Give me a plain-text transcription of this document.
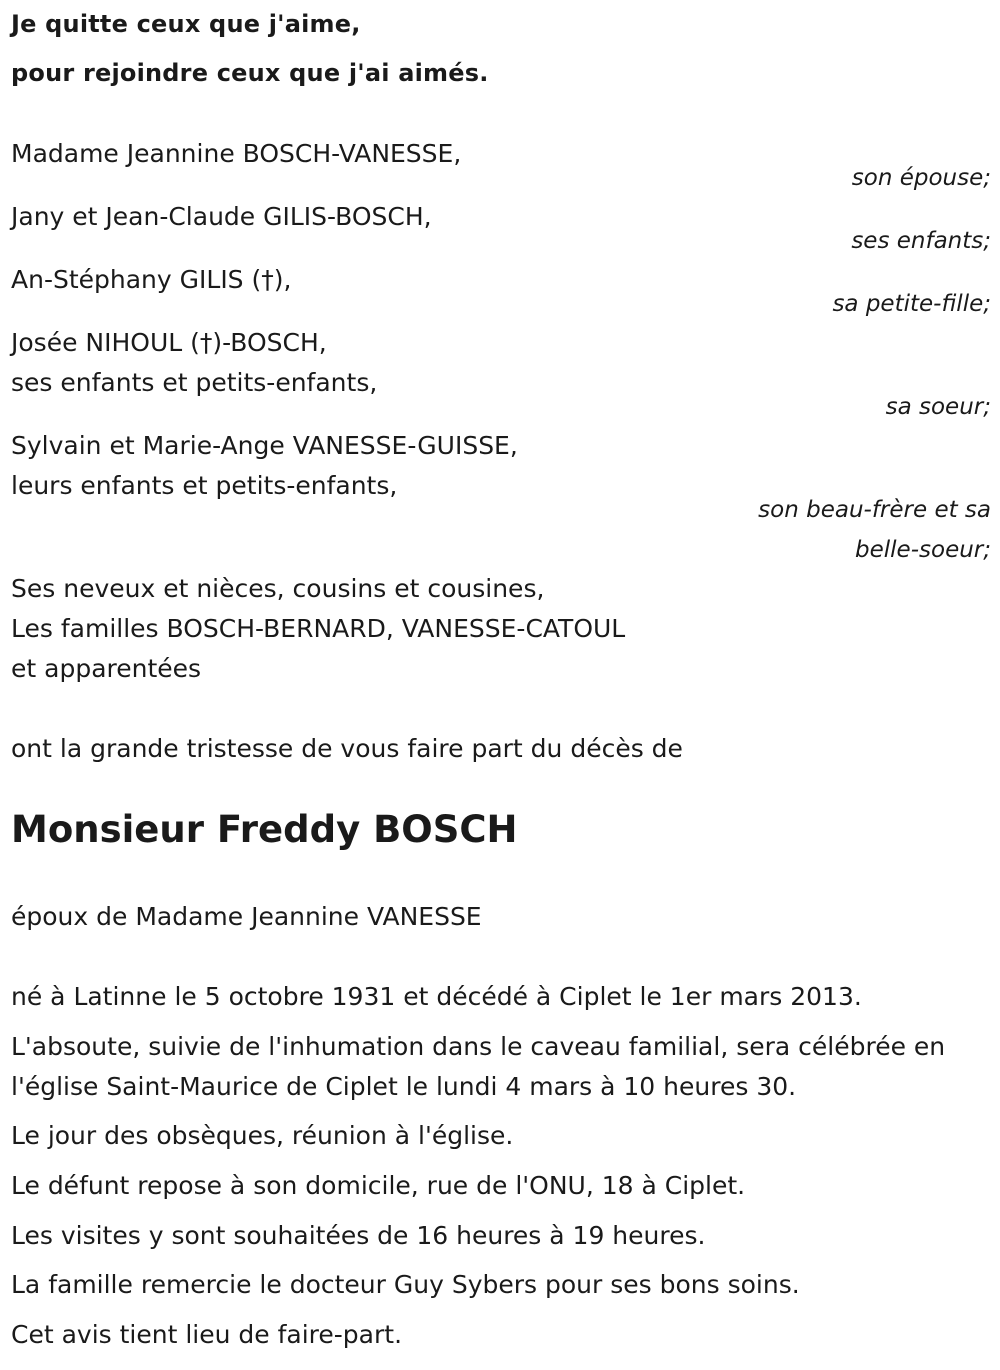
Je quitte ceux que j'aime,
pour rejoindre ceux que j'ai aimés.
Madame Jeannine BOSCH-VANESSE,
son épouse;
Jany et Jean-Claude GILIS-BOSCH,
ses enfants;
An-Stéphany GILIS (†),
sa petite-fille;
Josée NIHOUL (†)-BOSCH,
ses enfants et petits-enfants,
sa soeur;
Sylvain et Marie-Ange VANESSE-GUISSE,
leurs enfants et petits-enfants,
son beau-frère et sa
belle-soeur;
Ses neveux et nièces, cousins et cousines,
Les familles BOSCH-BERNARD, VANESSE-CATOUL
et apparentées
ont la grande tristesse de vous faire part du décès de
Monsieur Freddy BOSCH
époux de Madame Jeannine VANESSE
né à Latinne le 5 octobre 1931 et décédé à Ciplet le 1er mars 2013.
L'absoute, suivie de l'inhumation dans le caveau familial, sera célébrée en
l'église Saint-Maurice de Ciplet le lundi 4 mars à 10 heures 30.
Le jour des obsèques, réunion à l'église.
Le défunt repose à son domicile, rue de l'ONU, 18 à Ciplet.
Les visites y sont souhaitées de 16 heures à 19 heures.
La famille remercie le docteur Guy Sybers pour ses bons soins.
Cet avis tient lieu de faire-part.
